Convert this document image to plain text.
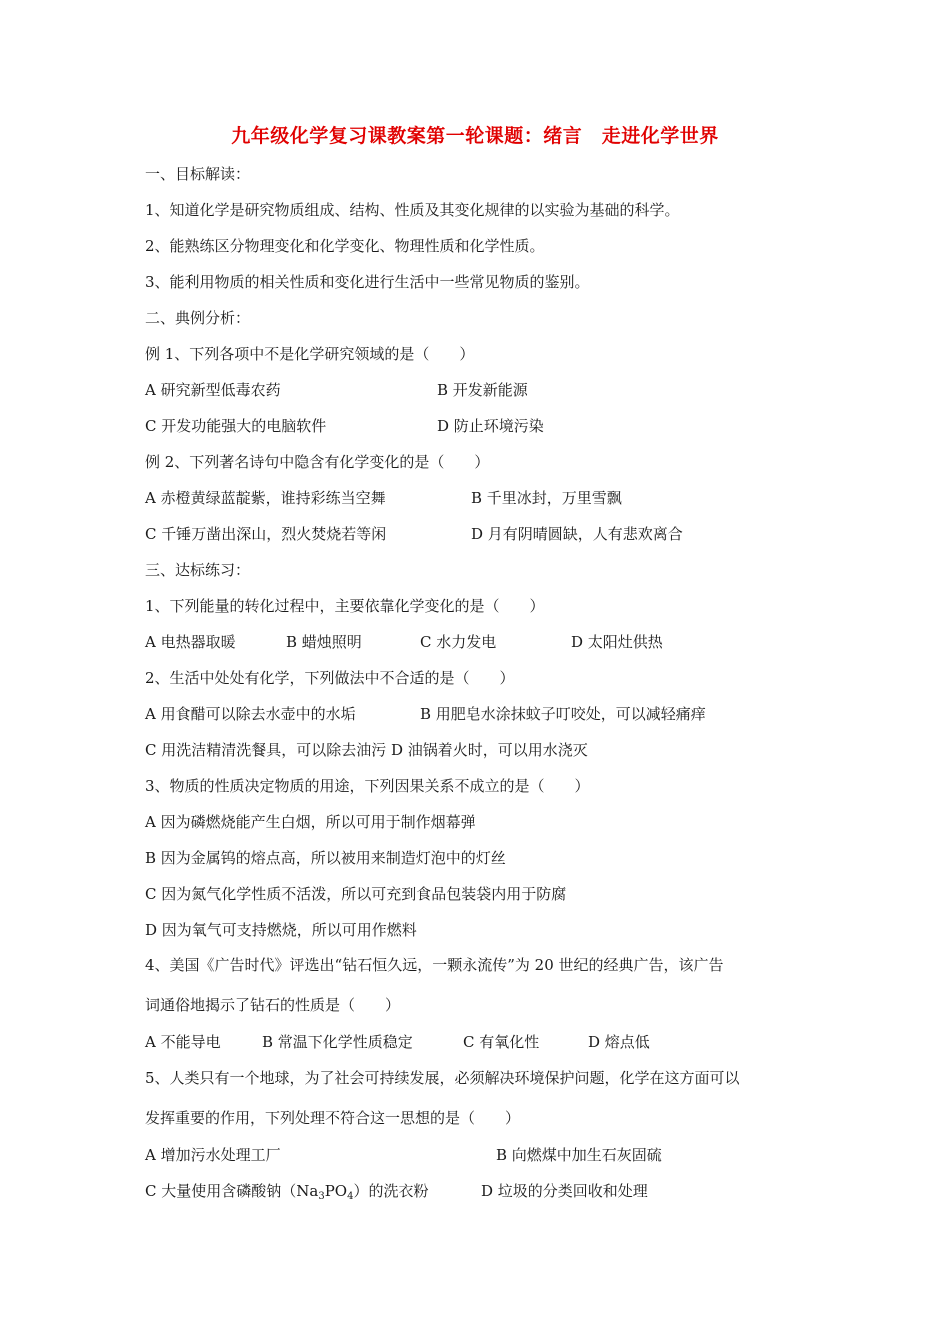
九年级化学复习课教案第一轮课题：绪言　走进化学世界
一、目标解读：
1、知道化学是研究物质组成、结构、性质及其变化规律的以实验为基础的科学。
2、能熟练区分物理变化和化学变化、物理性质和化学性质。
3、能利用物质的相关性质和变化进行生活中一些常见物质的鉴别。
二、典例分析：
例 1、下列各项中不是化学研究领域的是（　　）
A 研究新型低毒农药	B 开发新能源
C 开发功能强大的电脑软件	D 防止环境污染
例 2、下列著名诗句中隐含有化学变化的是（　　）
A 赤橙黄绿蓝靛紫，谁持彩练当空舞	B 千里冰封，万里雪飘
C 千锤万凿出深山，烈火焚烧若等闲	D 月有阴晴圆缺，人有悲欢离合
三、达标练习：
1、下列能量的转化过程中，主要依靠化学变化的是（　　）
A 电热器取暖	B 蜡烛照明	C 水力发电	D 太阳灶供热
2、生活中处处有化学，下列做法中不合适的是（　　）
A 用食醋可以除去水壶中的水垢	B 用肥皂水涂抹蚊子叮咬处，可以减轻痛痒
C 用洗洁精清洗餐具，可以除去油污 D 油锅着火时，可以用水浇灭
3、物质的性质决定物质的用途，下列因果关系不成立的是（　　）
A 因为磷燃烧能产生白烟，所以可用于制作烟幕弹
B 因为金属钨的熔点高，所以被用来制造灯泡中的灯丝
C 因为氮气化学性质不活泼，所以可充到食品包装袋内用于防腐
D 因为氧气可支持燃烧，所以可用作燃料
4、美国《广告时代》评选出“钻石恒久远，一颗永流传”为 20 世纪的经典广告，该广告
词通俗地揭示了钻石的性质是（　　）
A 不能导电	B 常温下化学性质稳定	C 有氧化性	D 熔点低
5、人类只有一个地球，为了社会可持续发展，必须解决环境保护问题，化学在这方面可以
发挥重要的作用，下列处理不符合这一思想的是（　　）
A 增加污水处理工厂	B 向燃煤中加生石灰固硫
C 大量使用含磷酸钠$(Na_3PO_4)$的洗衣粉	D 垃圾的分类回收和处理
